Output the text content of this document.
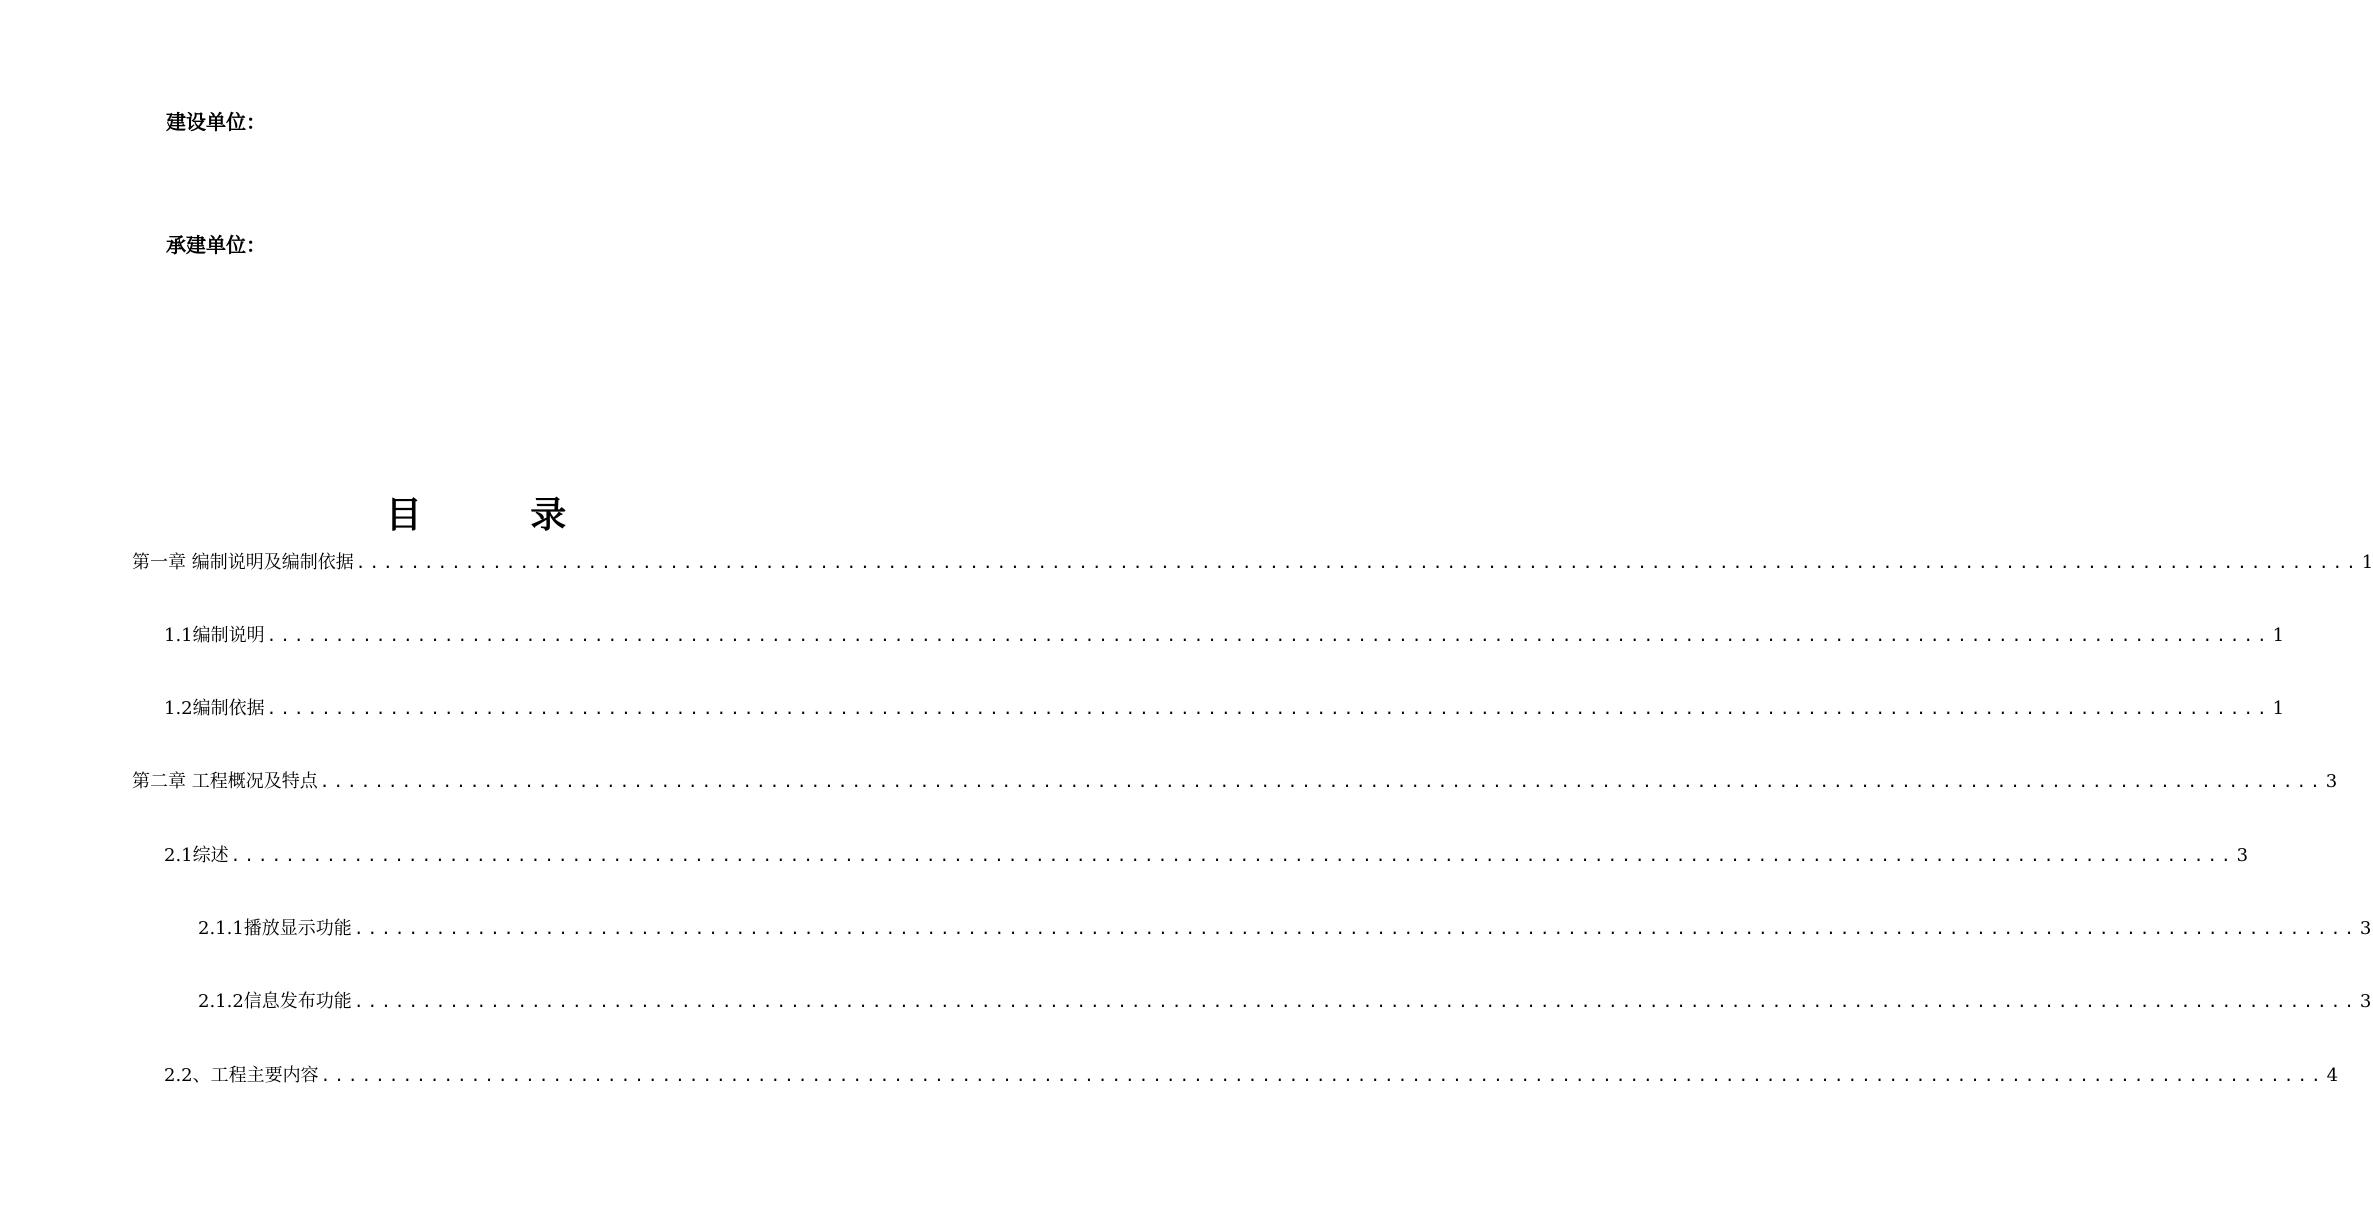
建设单位：
承建单位：
目 录
第一章 编制说明及编制依据 ................................................................................................................................................... 1
1.1编制说明 ................................................................................................................................................... 1
1.2编制依据 ................................................................................................................................................... 1
第二章 工程概况及特点 ................................................................................................................................................... 3
2.1综述 ................................................................................................................................................... 3
2.1.1播放显示功能 ................................................................................................................................................... 3
2.1.2信息发布功能 ................................................................................................................................................... 3
2.2、工程主要内容 ................................................................................................................................................... 4
